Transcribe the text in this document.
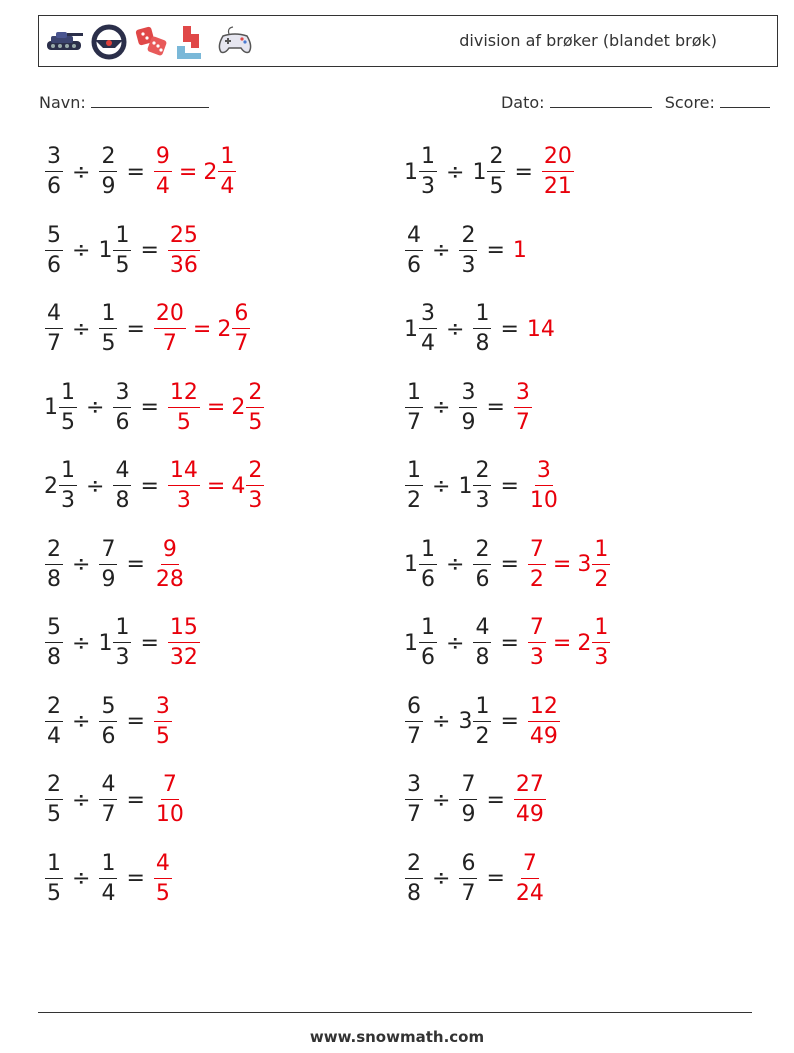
division af brøker (blandet brøk)
Navn:	Dato:	Score:
$\frac{3}{6} \div \frac{2}{9} = \frac{9}{4} = 2 \frac{1}{4}$	$1 \frac{1}{3} \div 1 \frac{2}{5} = \frac{20}{21}$
$\frac{5}{6} \div 1 \frac{1}{5} = \frac{25}{36}$	$\frac{4}{6} \div \frac{2}{3} = 1$
$\frac{4}{7} \div \frac{1}{5} = \frac{20}{7} = 2 \frac{6}{7}$	$1 \frac{3}{4} \div \frac{1}{8} = 14$
$1 \frac{1}{5} \div \frac{3}{6} = \frac{12}{5} = 2 \frac{2}{5}$	$\frac{1}{7} \div \frac{3}{9} = \frac{3}{7}$
$2 \frac{1}{3} \div \frac{4}{8} = \frac{14}{3} = 4 \frac{2}{3}$	$\frac{1}{2} \div 1 \frac{2}{3} = \frac{3}{10}$
$\frac{2}{8} \div \frac{7}{9} = \frac{9}{28}$	$1 \frac{1}{6} \div \frac{2}{6} = \frac{7}{2} = 3 \frac{1}{2}$
$\frac{5}{8} \div 1 \frac{1}{3} = \frac{15}{32}$	$1 \frac{1}{6} \div \frac{4}{8} = \frac{7}{3} = 2 \frac{1}{3}$
$\frac{2}{4} \div \frac{5}{6} = \frac{3}{5}$	$\frac{6}{7} \div 3 \frac{1}{2} = \frac{12}{49}$
$\frac{2}{5} \div \frac{4}{7} = \frac{7}{10}$	$\frac{3}{7} \div \frac{7}{9} = \frac{27}{49}$
$\frac{1}{5} \div \frac{1}{4} = \frac{4}{5}$	$\frac{2}{8} \div \frac{6}{7} = \frac{7}{24}$
www.snowmath.com
